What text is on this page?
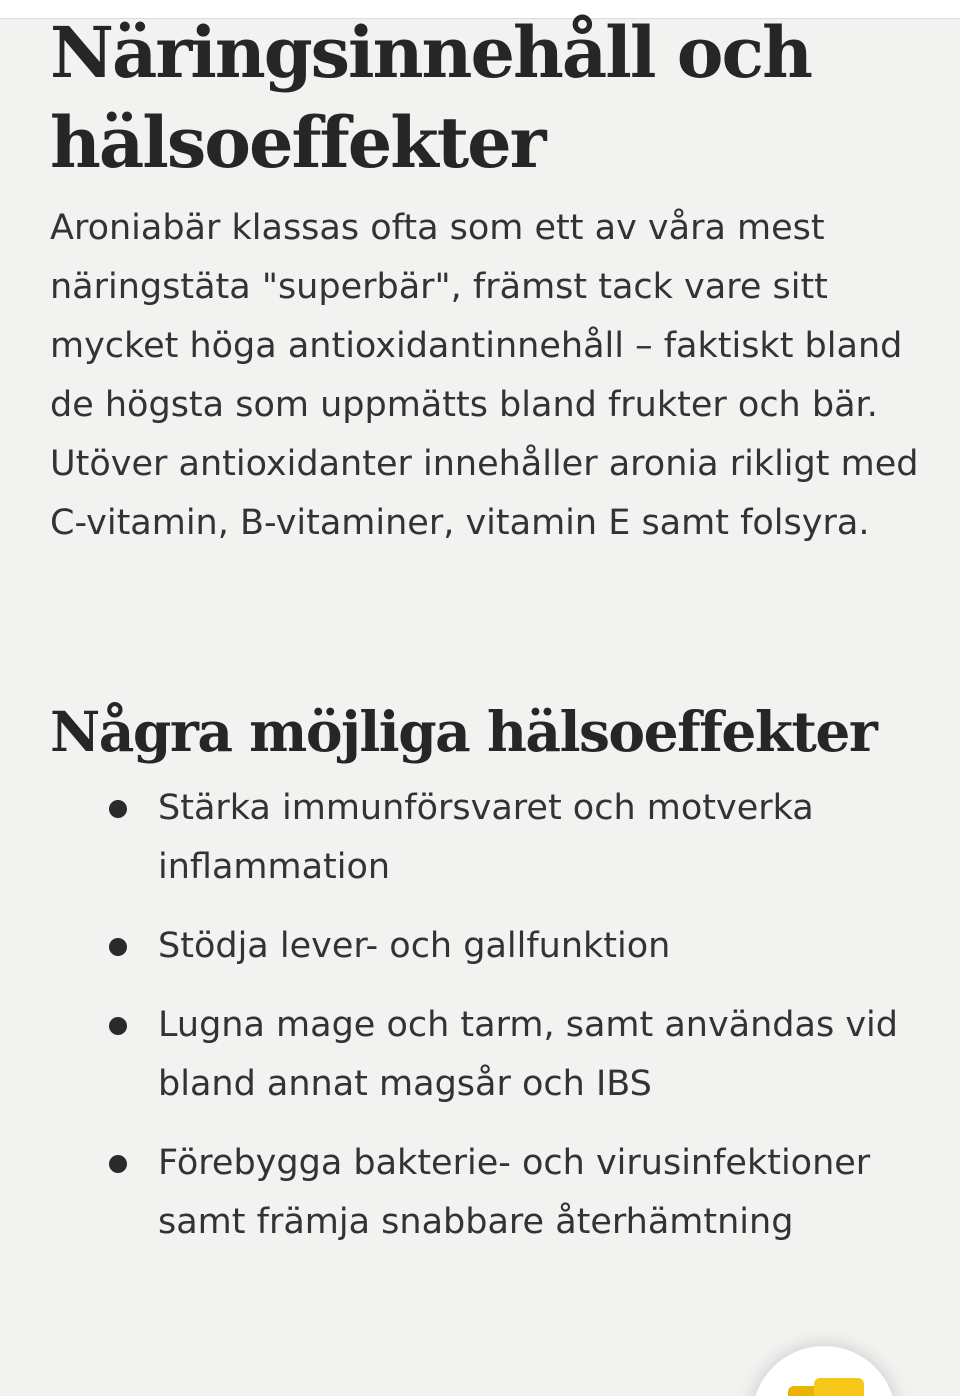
Näringsinnehåll och hälsoeffekter

Aroniabär klassas ofta som ett av våra mest näringstäta "superbär", främst tack vare sitt mycket höga antioxidantinnehåll – faktiskt bland de högsta som uppmätts bland frukter och bär. Utöver antioxidanter innehåller aronia rikligt med C-vitamin, B-vitaminer, vitamin E samt folsyra.

Några möjliga hälsoeffekter
Stärka immunförsvaret och motverka inflammation
Stödja lever- och gallfunktion
Lugna mage och tarm, samt användas vid bland annat magsår och IBS
Förebygga bakterie- och virusinfektioner samt främja snabbare återhämtning
